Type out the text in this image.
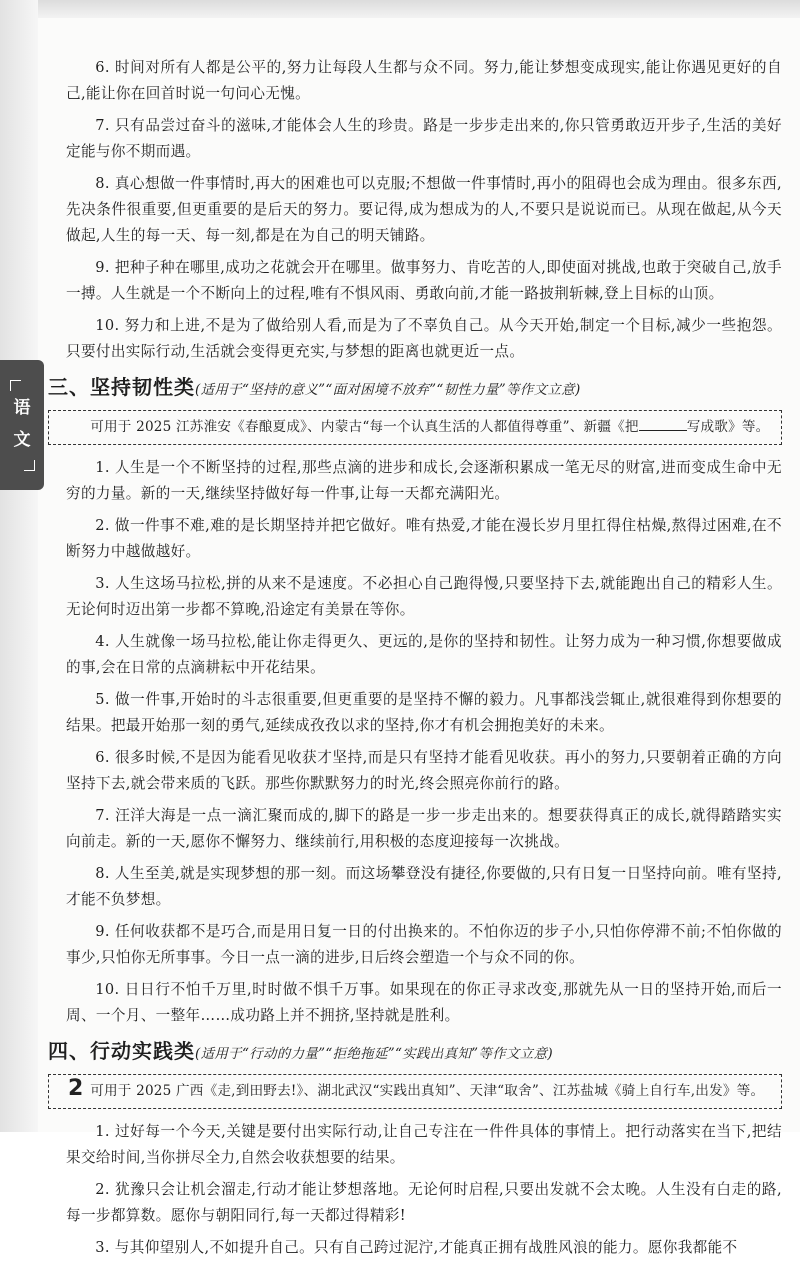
语文

6. 时间对所有人都是公平的,努力让每段人生都与众不同。努力,能让梦想变成现实,能让你遇见更好的自己,能让你在回首时说一句问心无愧。

7. 只有品尝过奋斗的滋味,才能体会人生的珍贵。路是一步步走出来的,你只管勇敢迈开步子,生活的美好定能与你不期而遇。

8. 真心想做一件事情时,再大的困难也可以克服;不想做一件事情时,再小的阻碍也会成为理由。很多东西,先决条件很重要,但更重要的是后天的努力。要记得,成为想成为的人,不要只是说说而已。从现在做起,从今天做起,人生的每一天、每一刻,都是在为自己的明天铺路。

9. 把种子种在哪里,成功之花就会开在哪里。做事努力、肯吃苦的人,即使面对挑战,也敢于突破自己,放手一搏。人生就是一个不断向上的过程,唯有不惧风雨、勇敢向前,才能一路披荆斩棘,登上目标的山顶。

10. 努力和上进,不是为了做给别人看,而是为了不辜负自己。从今天开始,制定一个目标,减少一些抱怨。只要付出实际行动,生活就会变得更充实,与梦想的距离也就更近一点。

三、坚持韧性类(适用于“坚持的意义”“面对困境不放弃”“韧性力量”等作文立意)
可用于 2025 江苏淮安《春酿夏成》、内蒙古“每一个认真生活的人都值得尊重”、新疆《把	写成歌》等。

1. 人生是一个不断坚持的过程,那些点滴的进步和成长,会逐渐积累成一笔无尽的财富,进而变成生命中无穷的力量。新的一天,继续坚持做好每一件事,让每一天都充满阳光。

2. 做一件事不难,难的是长期坚持并把它做好。唯有热爱,才能在漫长岁月里扛得住枯燥,熬得过困难,在不断努力中越做越好。

3. 人生这场马拉松,拼的从来不是速度。不必担心自己跑得慢,只要坚持下去,就能跑出自己的精彩人生。无论何时迈出第一步都不算晚,沿途定有美景在等你。

4. 人生就像一场马拉松,能让你走得更久、更远的,是你的坚持和韧性。让努力成为一种习惯,你想要做成的事,会在日常的点滴耕耘中开花结果。

5. 做一件事,开始时的斗志很重要,但更重要的是坚持不懈的毅力。凡事都浅尝辄止,就很难得到你想要的结果。把最开始那一刻的勇气,延续成孜孜以求的坚持,你才有机会拥抱美好的未来。

6. 很多时候,不是因为能看见收获才坚持,而是只有坚持才能看见收获。再小的努力,只要朝着正确的方向坚持下去,就会带来质的飞跃。那些你默默努力的时光,终会照亮你前行的路。

7. 汪洋大海是一点一滴汇聚而成的,脚下的路是一步一步走出来的。想要获得真正的成长,就得踏踏实实向前走。新的一天,愿你不懈努力、继续前行,用积极的态度迎接每一次挑战。

8. 人生至美,就是实现梦想的那一刻。而这场攀登没有捷径,你要做的,只有日复一日坚持向前。唯有坚持,才能不负梦想。

9. 任何收获都不是巧合,而是用日复一日的付出换来的。不怕你迈的步子小,只怕你停滞不前;不怕你做的事少,只怕你无所事事。今日一点一滴的进步,日后终会塑造一个与众不同的你。

10. 日日行不怕千万里,时时做不惧千万事。如果现在的你正寻求改变,那就先从一日的坚持开始,而后一周、一个月、一整年……成功路上并不拥挤,坚持就是胜利。

四、行动实践类(适用于“行动的力量”“拒绝拖延”“实践出真知”等作文立意)
可用于 2025 广西《走,到田野去!》、湖北武汉“实践出真知”、天津“取舍”、江苏盐城《骑上自行车,出发》等。

1. 过好每一个今天,关键是要付出实际行动,让自己专注在一件件具体的事情上。把行动落实在当下,把结果交给时间,当你拼尽全力,自然会收获想要的结果。

2. 犹豫只会让机会溜走,行动才能让梦想落地。无论何时启程,只要出发就不会太晚。人生没有白走的路,每一步都算数。愿你与朝阳同行,每一天都过得精彩!

3. 与其仰望别人,不如提升自己。只有自己跨过泥泞,才能真正拥有战胜风浪的能力。愿你我都能不

2
